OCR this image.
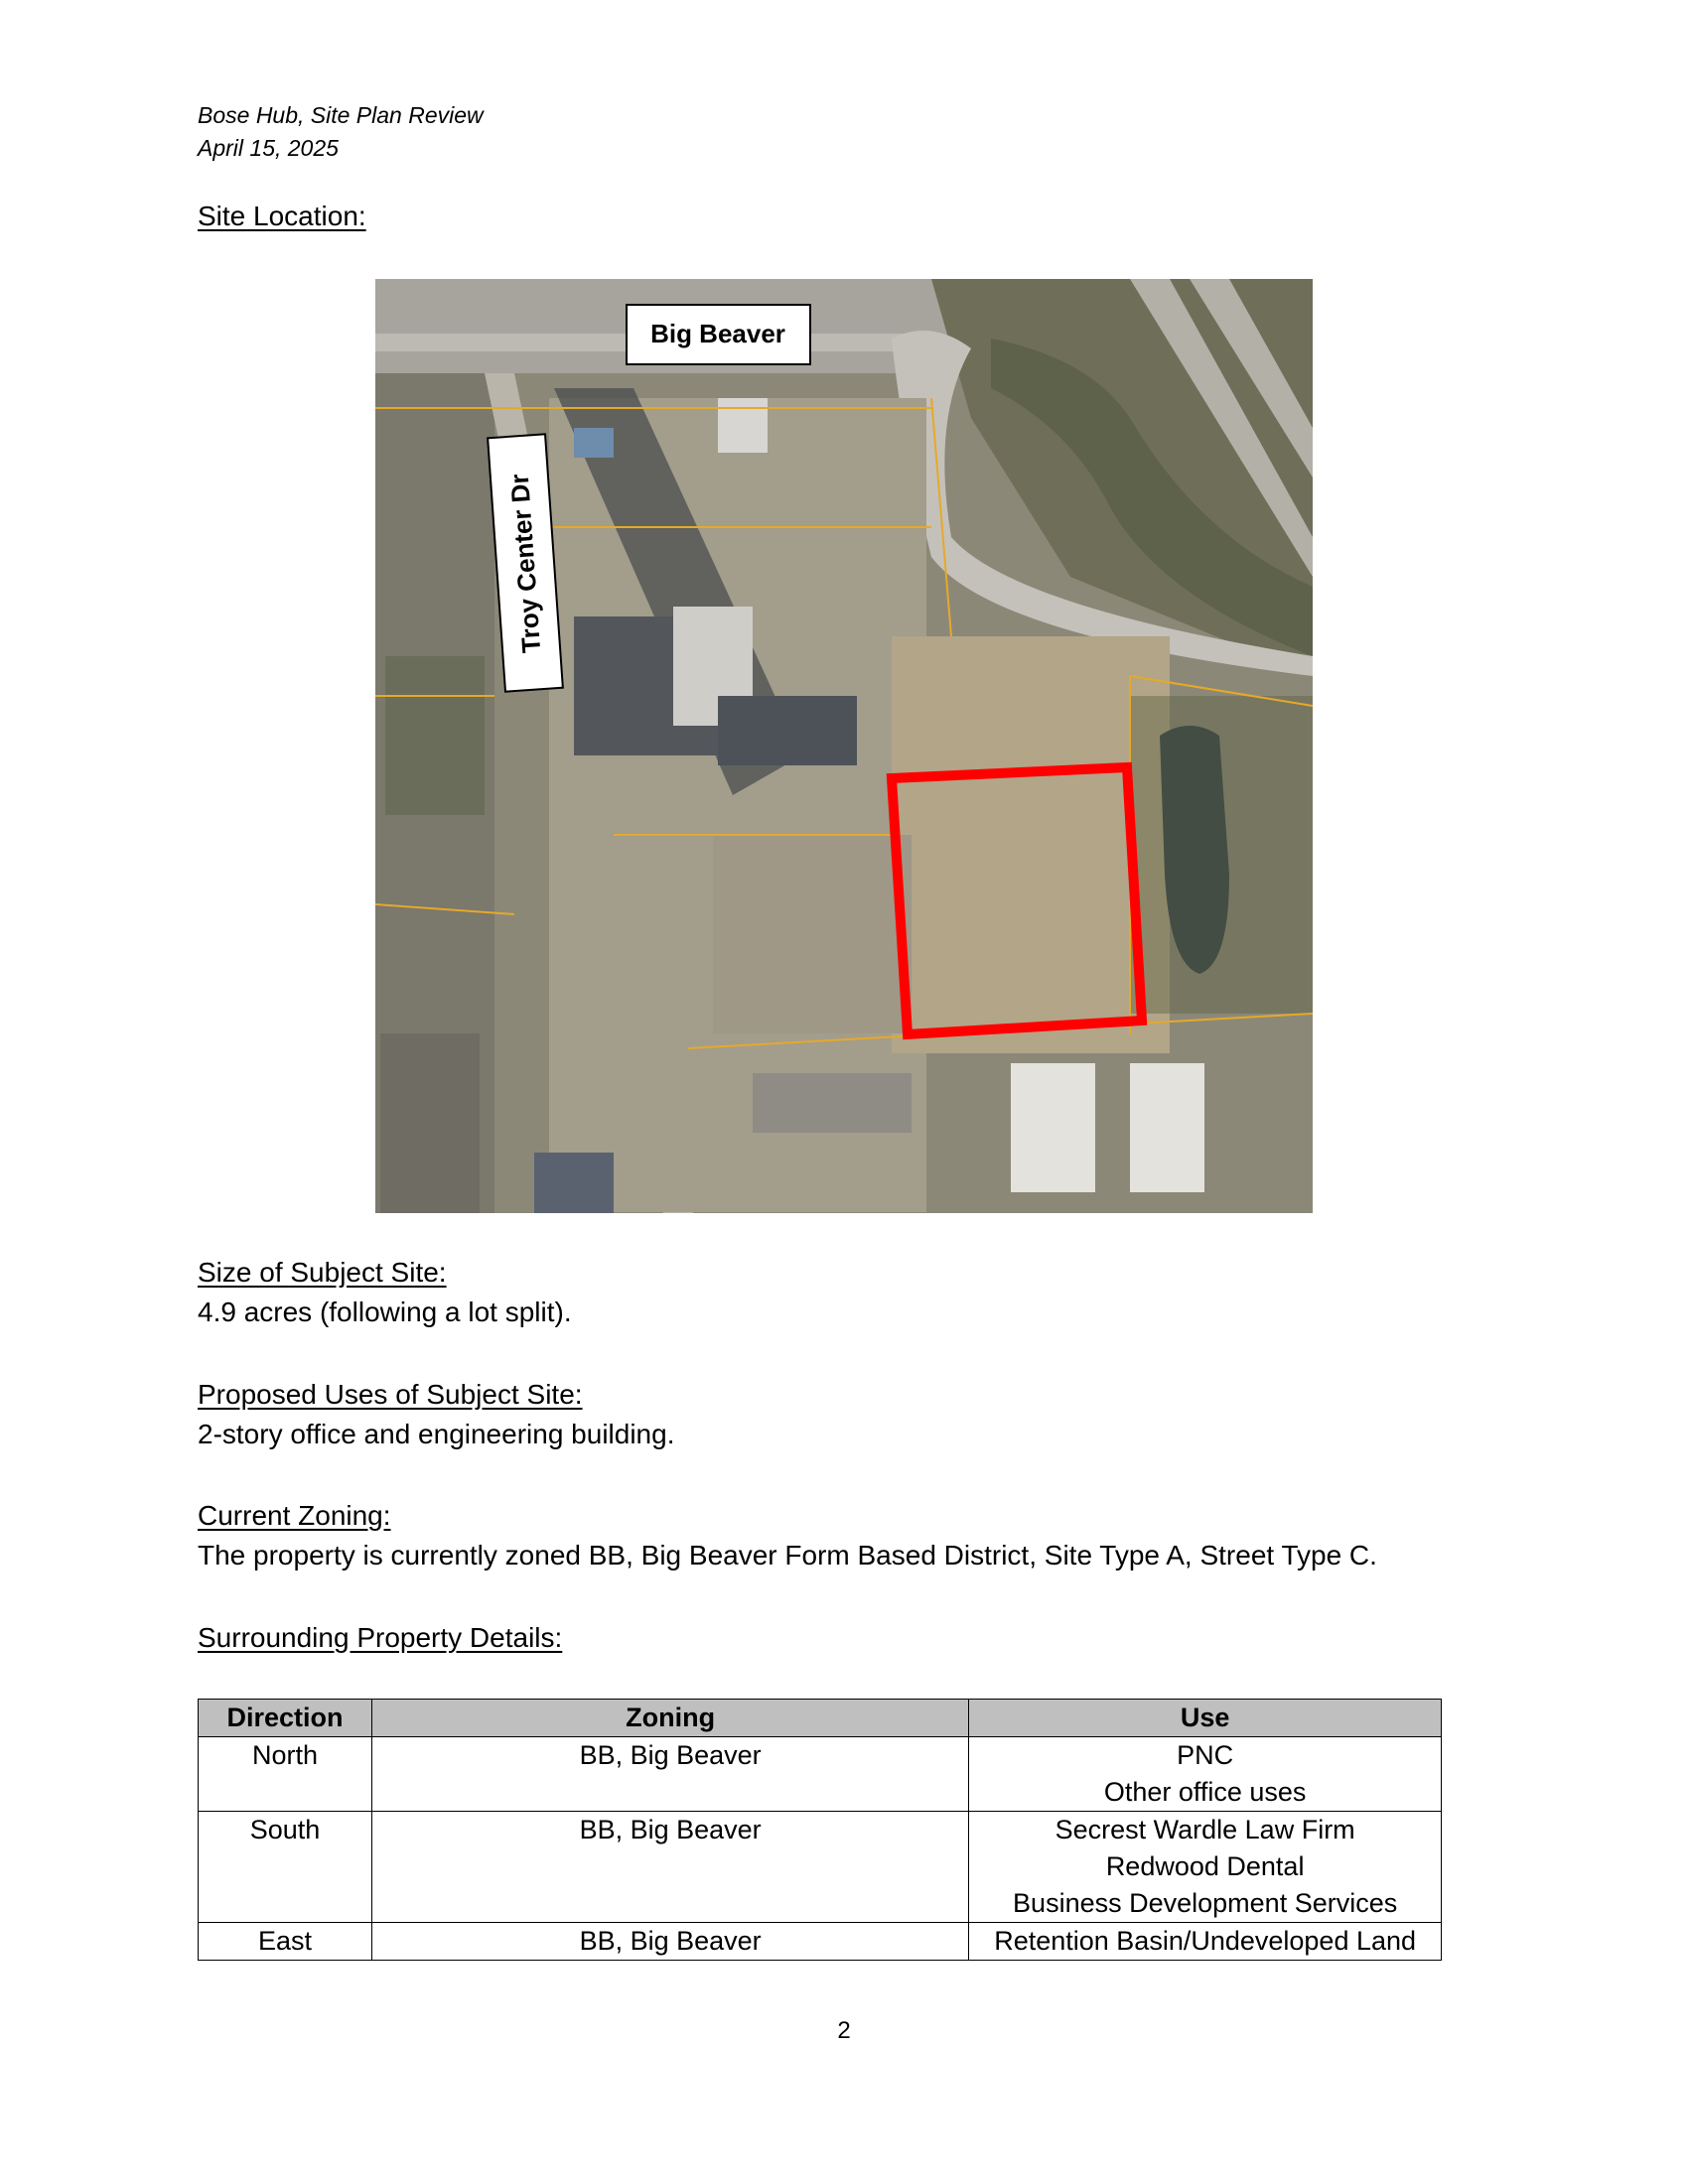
Bose Hub, Site Plan Review
April 15, 2025
Site Location:
Big Beaver
Troy Center Dr
Size of Subject Site:
4.9 acres (following a lot split).
Proposed Uses of Subject Site:
2-story office and engineering building.
Current Zoning:
The property is currently zoned BB, Big Beaver Form Based District, Site Type A, Street Type C.
Surrounding Property Details:
Direction	Zoning	Use
North	BB, Big Beaver	PNC
Other office uses

South	BB, Big Beaver	Secrest Wardle Law Firm
Redwood Dental
Business Development Services

East	BB, Big Beaver	Retention Basin/Undeveloped Land
2
